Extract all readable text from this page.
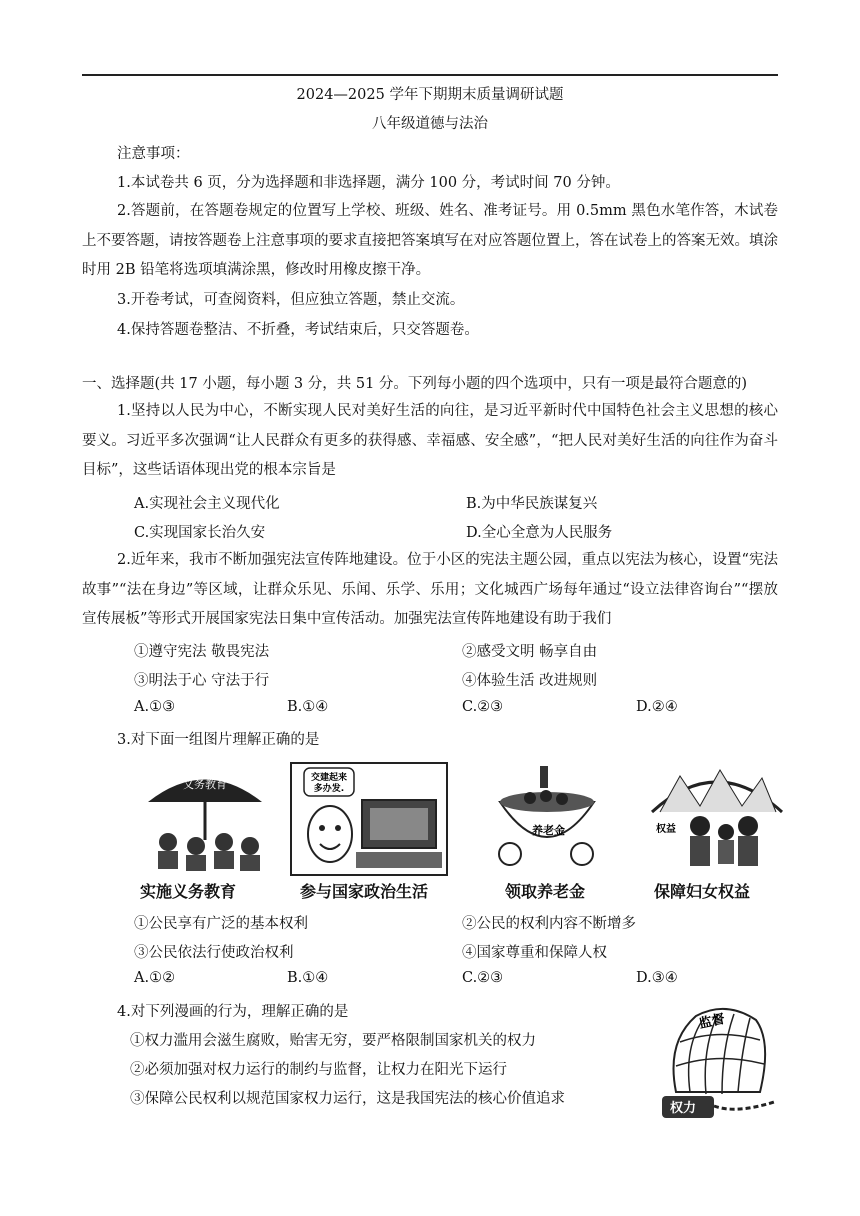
2024—2025 学年下期期末质量调研试题
八年级道德与法治
注意事项：
1.本试卷共 6 页，分为选择题和非选择题，满分 100 分，考试时间 70 分钟。
2.答题前，在答题卷规定的位置写上学校、班级、姓名、准考证号。用 0.5mm 黑色水笔作答，木试卷上不要答题，请按答题卷上注意事项的要求直接把答案填写在对应答题位置上，答在试卷上的答案无效。填涂时用 2B 铅笔将选项填满涂黑，修改时用橡皮擦干净。
3.开卷考试，可查阅资料，但应独立答题，禁止交流。
4.保持答题卷整洁、不折叠，考试结束后，只交答题卷。
一、选择题(共 17 小题，每小题 3 分，共 51 分。下列每小题的四个选项中，只有一项是最符合题意的)
1.坚持以人民为中心，不断实现人民对美好生活的向往，是习近平新时代中国特色社会主义思想的核心要义。习近平多次强调“让人民群众有更多的获得感、幸福感、安全感”，“把人民对美好生活的向往作为奋斗目标”，这些话语体现出党的根本宗旨是
A.实现社会主义现代化	B.为中华民族谋复兴
C.实现国家长治久安	D.全心全意为人民服务
2.近年来，我市不断加强宪法宣传阵地建设。位于小区的宪法主题公园，重点以宪法为核心，设置“宪法故事”“法在身边”等区域，让群众乐见、乐闻、乐学、乐用；文化城西广场每年通过“设立法律咨询台”“摆放宣传展板”等形式开展国家宪法日集中宣传活动。加强宪法宣传阵地建设有助于我们
①遵守宪法 敬畏宪法	②感受文明 畅享自由
③明法于心 守法于行	④体验生活 改进规则
A.①③	B.①④	C.②③	D.②④
3.对下面一组图片理解正确的是
义务教育
实施义务教育
交建起来多办发.
参与国家政治生活
养老金
领取养老金
权益
保障妇女权益
①公民享有广泛的基本权利	②公民的权利内容不断增多
③公民依法行使政治权利	④国家尊重和保障人权
A.①②	B.①④	C.②③	D.③④
4.对下列漫画的行为，理解正确的是
①权力滥用会滋生腐败，贻害无穷，要严格限制国家机关的权力
②必须加强对权力运行的制约与监督，让权力在阳光下运行
③保障公民权利以规范国家权力运行，这是我国宪法的核心价值追求
监督
权力
